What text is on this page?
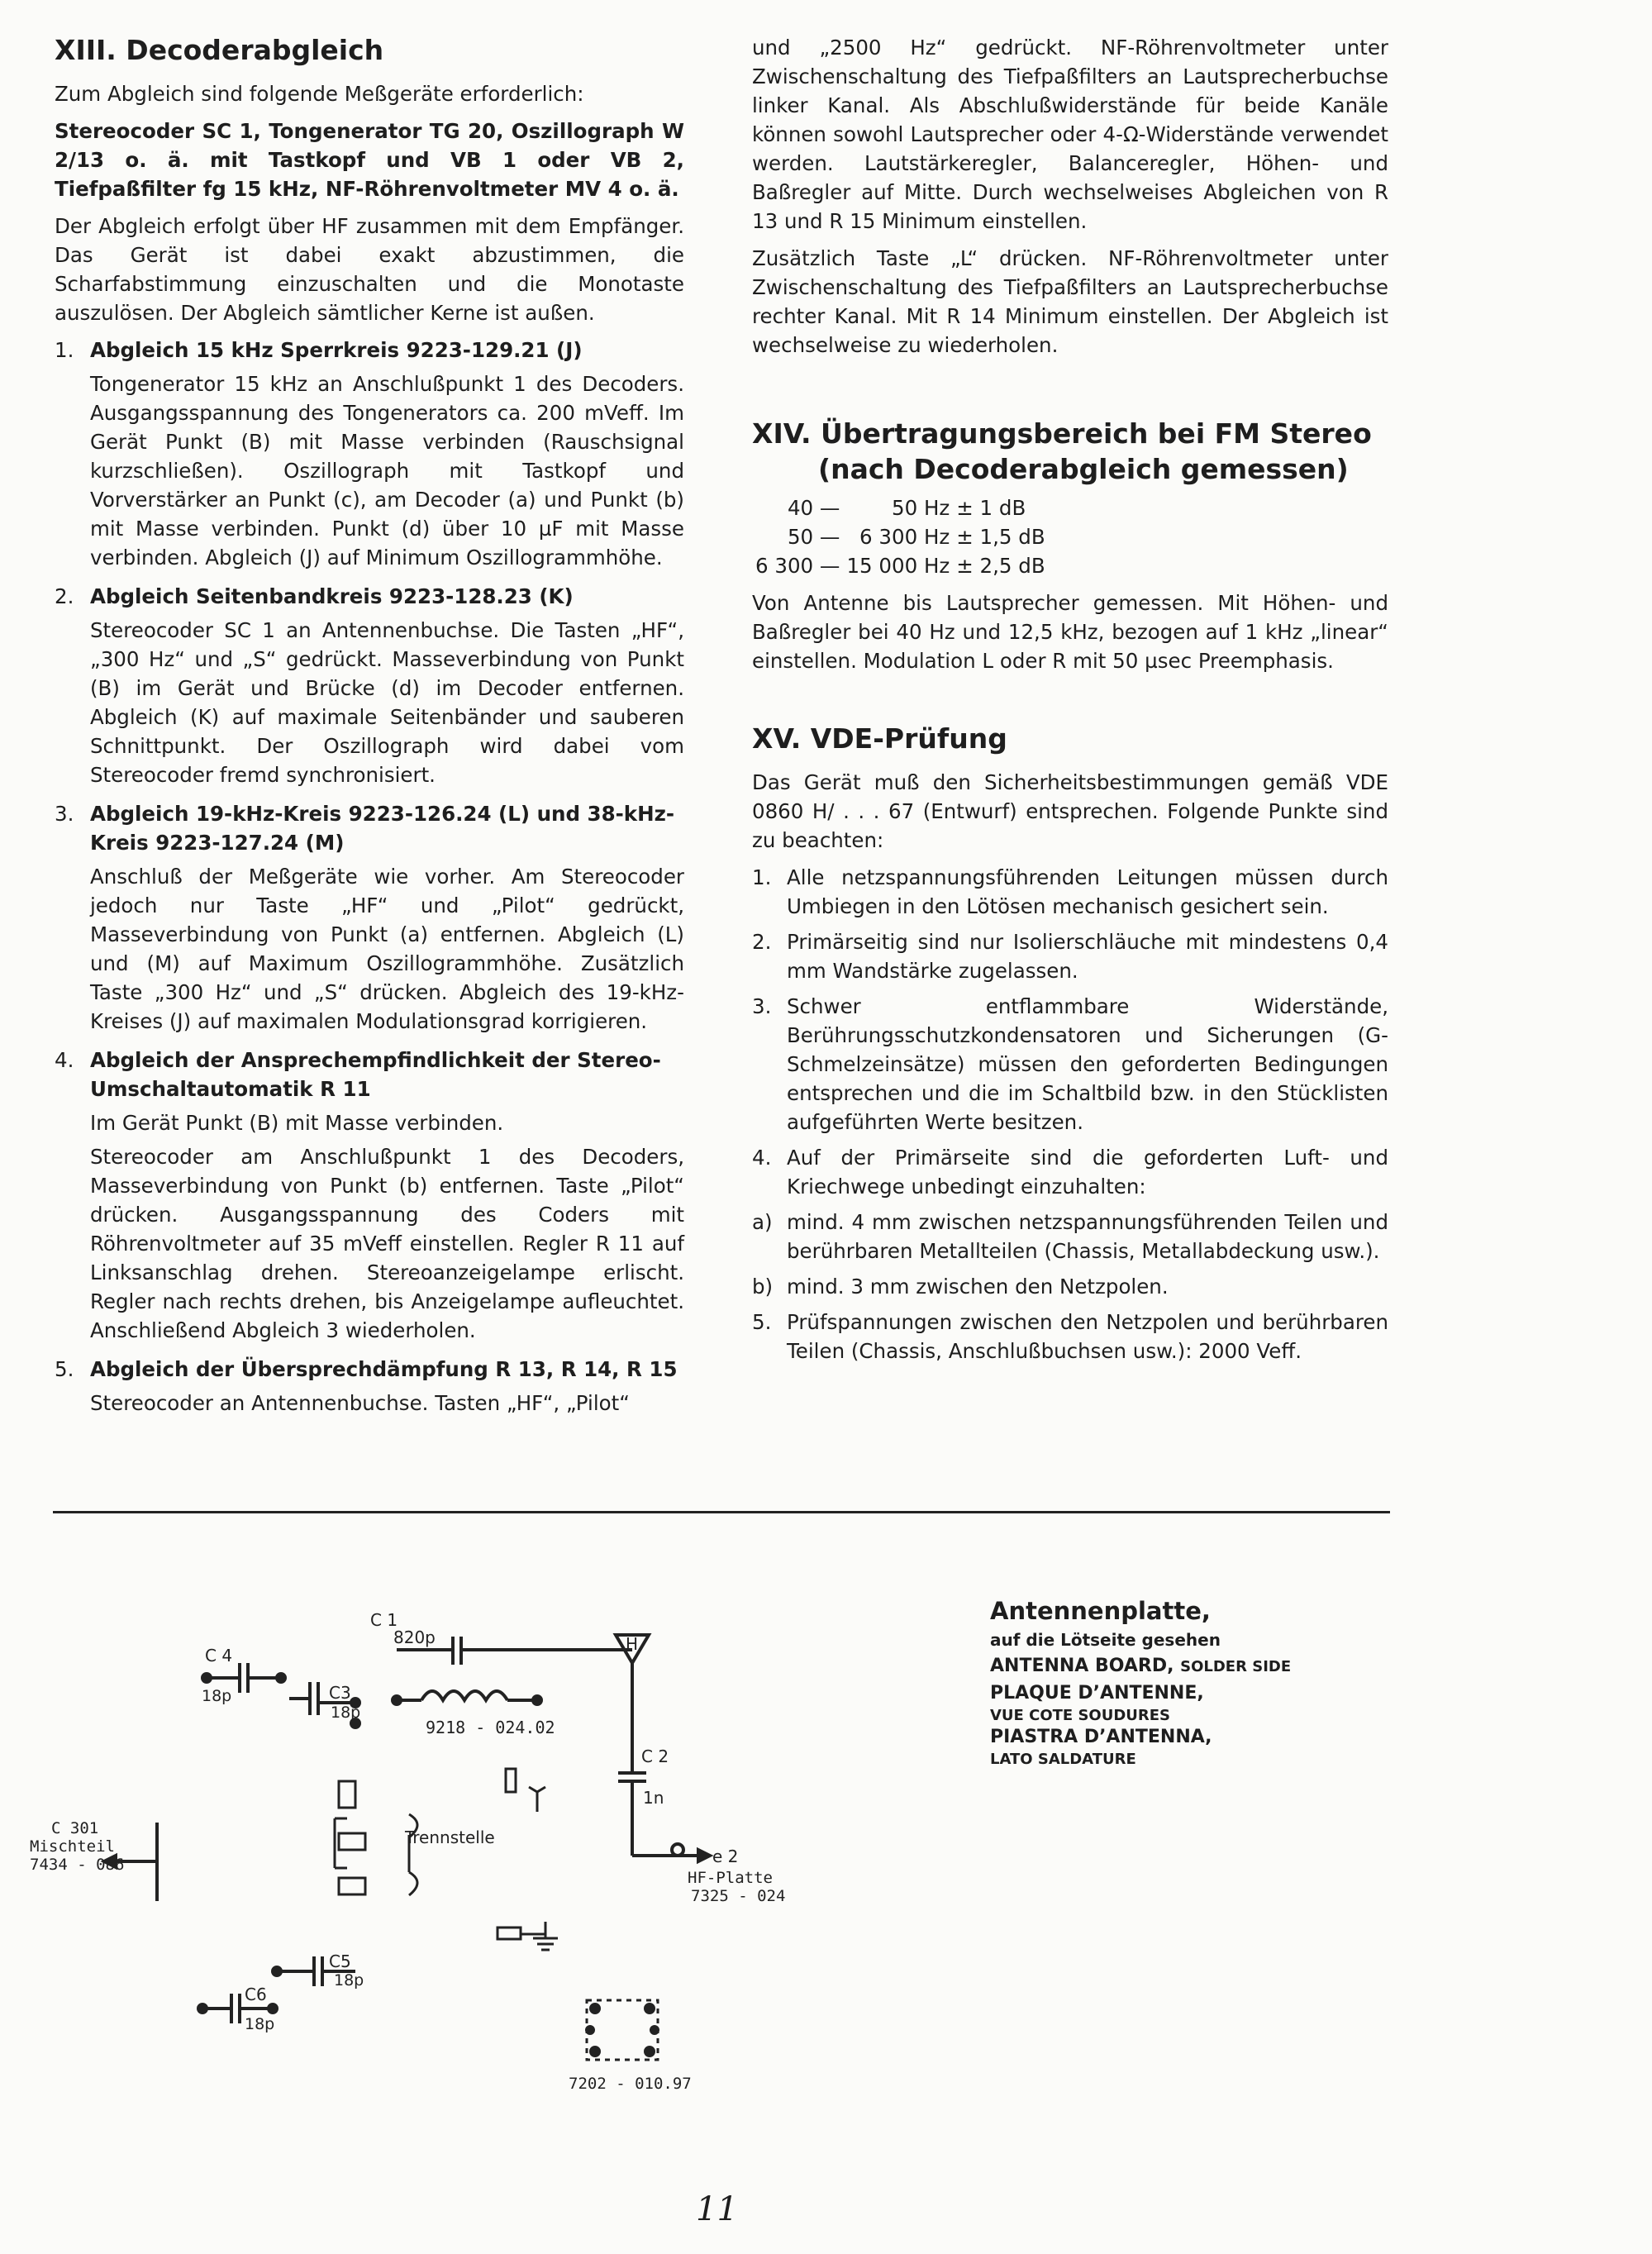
XIII. Decoderabgleich

Zum Abgleich sind folgende Meßgeräte erforderlich:

Stereocoder SC 1, Tongenerator TG 20, Oszillograph W 2/13 o. ä. mit Tastkopf und VB 1 oder VB 2, Tiefpaßfilter fg 15 kHz, NF-Röhrenvoltmeter MV 4 o. ä.

Der Abgleich erfolgt über HF zusammen mit dem Empfänger. Das Gerät ist dabei exakt abzustimmen, die Scharfabstimmung einzuschalten und die Monotaste auszulösen. Der Abgleich sämtlicher Kerne ist außen.

1. Abgleich 15 kHz Sperrkreis 9223-129.21 (J)

Tongenerator 15 kHz an Anschlußpunkt 1 des Decoders. Ausgangsspannung des Tongenerators ca. 200 mVeff. Im Gerät Punkt (B) mit Masse verbinden (Rauschsignal kurzschließen). Oszillograph mit Tastkopf und Vorverstärker an Punkt (c), am Decoder (a) und Punkt (b) mit Masse verbinden. Punkt (d) über 10 µF mit Masse verbinden. Abgleich (J) auf Minimum Oszillogrammhöhe.

2. Abgleich Seitenbandkreis 9223-128.23 (K)

Stereocoder SC 1 an Antennenbuchse. Die Tasten „HF“, „300 Hz“ und „S“ gedrückt. Masseverbindung von Punkt (B) im Gerät und Brücke (d) im Decoder entfernen. Abgleich (K) auf maximale Seitenbänder und sauberen Schnittpunkt. Der Oszillograph wird dabei vom Stereocoder fremd synchronisiert.

3. Abgleich 19-kHz-Kreis 9223-126.24 (L) und 38-kHz-Kreis 9223-127.24 (M)

Anschluß der Meßgeräte wie vorher. Am Stereocoder jedoch nur Taste „HF“ und „Pilot“ gedrückt, Masseverbindung von Punkt (a) entfernen. Abgleich (L) und (M) auf Maximum Oszillogrammhöhe. Zusätzlich Taste „300 Hz“ und „S“ drücken. Abgleich des 19-kHz-Kreises (J) auf maximalen Modulationsgrad korrigieren.

4. Abgleich der Ansprechempfindlichkeit der Stereo-Umschaltautomatik R 11

Im Gerät Punkt (B) mit Masse verbinden.

Stereocoder am Anschlußpunkt 1 des Decoders, Masseverbindung von Punkt (b) entfernen. Taste „Pilot“ drücken. Ausgangsspannung des Coders mit Röhrenvoltmeter auf 35 mVeff einstellen. Regler R 11 auf Linksanschlag drehen. Stereoanzeigelampe erlischt. Regler nach rechts drehen, bis Anzeigelampe aufleuchtet. Anschließend Abgleich 3 wiederholen.

5. Abgleich der Übersprechdämpfung R 13, R 14, R 15

Stereocoder an Antennenbuchse. Tasten „HF“, „Pilot“

und „2500 Hz“ gedrückt. NF-Röhrenvoltmeter unter Zwischenschaltung des Tiefpaßfilters an Lautsprecherbuchse linker Kanal. Als Abschlußwiderstände für beide Kanäle können sowohl Lautsprecher oder 4-Ω-Widerstände verwendet werden. Lautstärkeregler, Balanceregler, Höhen- und Baßregler auf Mitte. Durch wechselweises Abgleichen von R 13 und R 15 Minimum einstellen.

Zusätzlich Taste „L“ drücken. NF-Röhrenvoltmeter unter Zwischenschaltung des Tiefpaßfilters an Lautsprecherbuchse rechter Kanal. Mit R 14 Minimum einstellen. Der Abgleich ist wechselweise zu wiederholen.

XIV. Übertragungsbereich bei FM Stereo
(nach Decoderabgleich gemessen)
40 —	50 Hz	± 1 dB
50 —	6 300 Hz	± 1,5 dB
6 300 —	15 000 Hz	± 2,5 dB

Von Antenne bis Lautsprecher gemessen. Mit Höhen- und Baßregler bei 40 Hz und 12,5 kHz, bezogen auf 1 kHz „linear“ einstellen. Modulation L oder R mit 50 µsec Preemphasis.

XV. VDE-Prüfung

Das Gerät muß den Sicherheitsbestimmungen gemäß VDE 0860 H/ . . . 67 (Entwurf) entsprechen. Folgende Punkte sind zu beachten:

1. Alle netzspannungsführenden Leitungen müssen durch Umbiegen in den Lötösen mechanisch gesichert sein.
2. Primärseitig sind nur Isolierschläuche mit mindestens 0,4 mm Wandstärke zugelassen.
3. Schwer entflammbare Widerstände, Berührungsschutzkondensatoren und Sicherungen (G-Schmelzeinsätze) müssen den geforderten Bedingungen entsprechen und die im Schaltbild bzw. in den Stücklisten aufgeführten Werte besitzen.
4. Auf der Primärseite sind die geforderten Luft- und Kriechwege unbedingt einzuhalten:
a) mind. 4 mm zwischen netzspannungsführenden Teilen und berührbaren Metallteilen (Chassis, Metallabdeckung usw.).
b) mind. 3 mm zwischen den Netzpolen.
5. Prüfspannungen zwischen den Netzpolen und berührbaren Teilen (Chassis, Anschlußbuchsen usw.): 2000 Veff.
C 1
820p
9218 - 024.02
H
C 2
1n
e 2
HF-Platte
7325 - 024
C 4
18p	C3
18p
Trennstelle
C 301
Mischteil
7434 - 086
C5
18p
C6
18p
7202 - 010.97
Antennenplatte,
auf die Lötseite gesehen
ANTENNA BOARD, SOLDER SIDE
PLAQUE D’ANTENNE,
VUE COTE SOUDURES
PIASTRA D’ANTENNA,
LATO SALDATURE
11
